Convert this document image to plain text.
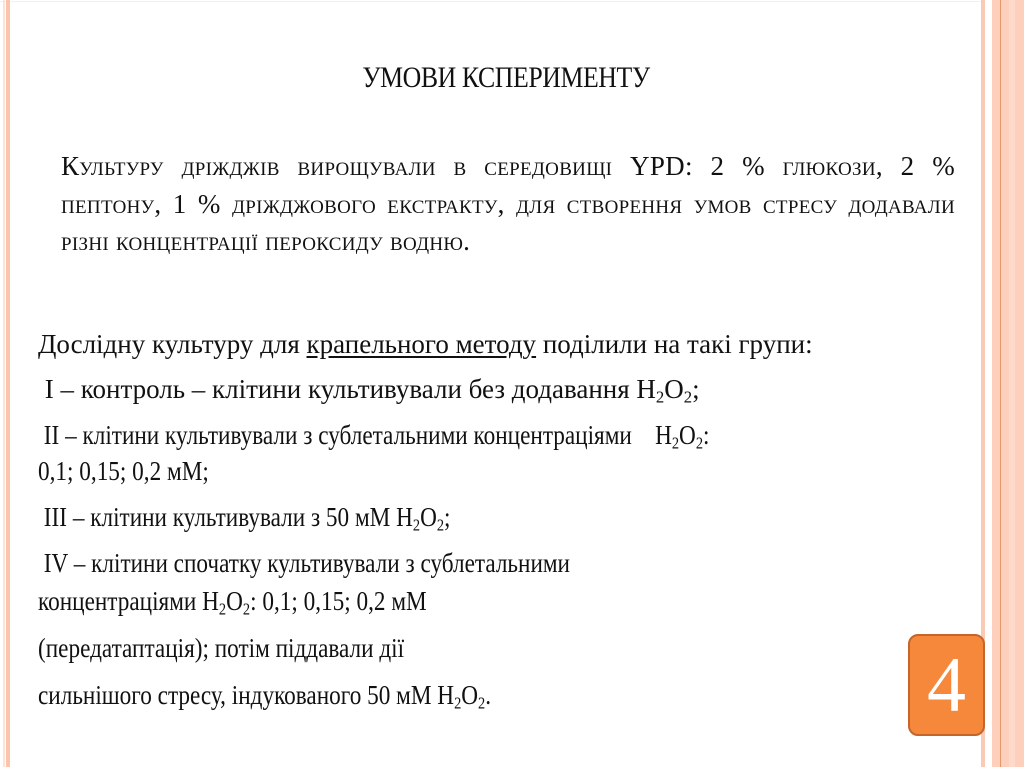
УМОВИ КСПЕРИМЕНТУ
Культуру дріжджів вирощували в середовищі YPD: 2 % глюкози, 2 % пептону, 1 % дріжджового екстракту, для створення умов стресу додавали різні концентрації пероксиду водню.
Дослідну культуру для крапельного методу поділили на такі групи:
I – контроль – клітини культивували без додавання $H_2O_2$;
II – клітини культивували з сублетальними концентраціями    $H_2O_2$:
0,1; 0,15; 0,2 мМ;
III – клітини культивували з 50 мМ $H_2O_2$;
IV – клітини спочатку культивували з сублетальними
концентраціями $H_2O_2$: 0,1; 0,15; 0,2 мМ
(передатаптація); потім піддавали дії
сильнішого стресу, індукованого 50 мМ $H_2O_2$.	4
